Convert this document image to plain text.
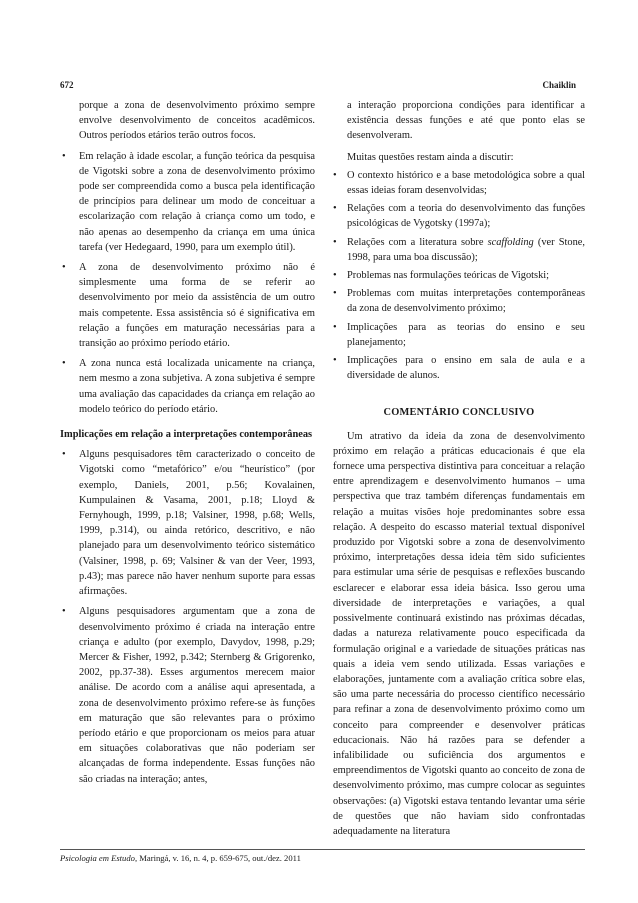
672	Chaiklin

porque a zona de desenvolvimento próximo sempre envolve desenvolvimento de conceitos acadêmicos. Outros períodos etários terão outros focos.

• Em relação à idade escolar, a função teórica da pesquisa de Vigotski sobre a zona de desenvolvimento próximo pode ser compreendida como a busca pela identificação de princípios para delinear um modo de conceituar a escolarização com relação à criança como um todo, e não apenas ao desempenho da criança em uma única tarefa (ver Hedegaard, 1990, para um exemplo útil).

• A zona de desenvolvimento próximo não é simplesmente uma forma de se referir ao desenvolvimento por meio da assistência de um outro mais competente. Essa assistência só é significativa em relação a funções em maturação necessárias para a transição ao próximo período etário.

• A zona nunca está localizada unicamente na criança, nem mesmo a zona subjetiva. A zona subjetiva é sempre uma avaliação das capacidades da criança em relação ao modelo teórico do período etário.

Implicações em relação a interpretações contemporâneas

• Alguns pesquisadores têm caracterizado o conceito de Vigotski como “metafórico” e/ou “heurístico” (por exemplo, Daniels, 2001, p.56; Kovalainen, Kumpulainen & Vasama, 2001, p.18; Lloyd & Fernyhough, 1999, p.18; Valsiner, 1998, p.68; Wells, 1999, p.314), ou ainda retórico, descritivo, e não planejado para um desenvolvimento teórico sistemático (Valsiner, 1998, p. 69; Valsiner & van der Veer, 1993, p.43); mas parece não haver nenhum suporte para essas afirmações.

• Alguns pesquisadores argumentam que a zona de desenvolvimento próximo é criada na interação entre criança e adulto (por exemplo, Davydov, 1998, p.29; Mercer & Fisher, 1992, p.342; Sternberg & Grigorenko, 2002, pp.37-38). Esses argumentos merecem maior análise. De acordo com a análise aqui apresentada, a zona de desenvolvimento próximo refere-se às funções em maturação que são relevantes para o próximo período etário e que proporcionam os meios para atuar em situações colaborativas que não poderiam ser alcançadas de forma independente. Essas funções não são criadas na interação; antes,

a interação proporciona condições para identificar a existência dessas funções e até que ponto elas se desenvolveram.

Muitas questões restam ainda a discutir:

• O contexto histórico e a base metodológica sobre a qual essas ideias foram desenvolvidas;

• Relações com a teoria do desenvolvimento das funções psicológicas de Vygotsky (1997a);

• Relações com a literatura sobre scaffolding (ver Stone, 1998, para uma boa discussão);

• Problemas nas formulações teóricas de Vigotski;

• Problemas com muitas interpretações contemporâneas da zona de desenvolvimento próximo;

• Implicações para as teorias do ensino e seu planejamento;

• Implicações para o ensino em sala de aula e a diversidade de alunos.

COMENTÁRIO CONCLUSIVO

Um atrativo da ideia da zona de desenvolvimento próximo em relação a práticas educacionais é que ela fornece uma perspectiva distintiva para conceituar a relação entre aprendizagem e desenvolvimento humanos – uma perspectiva que traz também diferenças fundamentais em relação a muitas visões hoje predominantes sobre essa relação. A despeito do escasso material textual disponível produzido por Vigotski sobre a zona de desenvolvimento próximo, interpretações dessa ideia têm sido suficientes para estimular uma série de pesquisas e reflexões buscando esclarecer e elaborar essa ideia básica. Isso gerou uma diversidade de interpretações e variações, a qual possivelmente continuará existindo nas próximas décadas, dadas a natureza relativamente pouco especificada da formulação original e a variedade de situações práticas nas quais a ideia vem sendo utilizada. Essas variações e elaborações, juntamente com a avaliação crítica sobre elas, são uma parte necessária do processo científico necessário para refinar a zona de desenvolvimento próximo como um conceito para compreender e desenvolver práticas educacionais. Não há razões para se defender a infalibilidade ou suficiência dos argumentos e empreendimentos de Vigotski quanto ao conceito de zona de desenvolvimento próximo, mas cumpre colocar as seguintes observações: (a) Vigotski estava tentando levantar uma série de questões que não haviam sido confrontadas adequadamente na literatura

Psicologia em Estudo, Maringá, v. 16, n. 4, p. 659-675, out./dez. 2011
